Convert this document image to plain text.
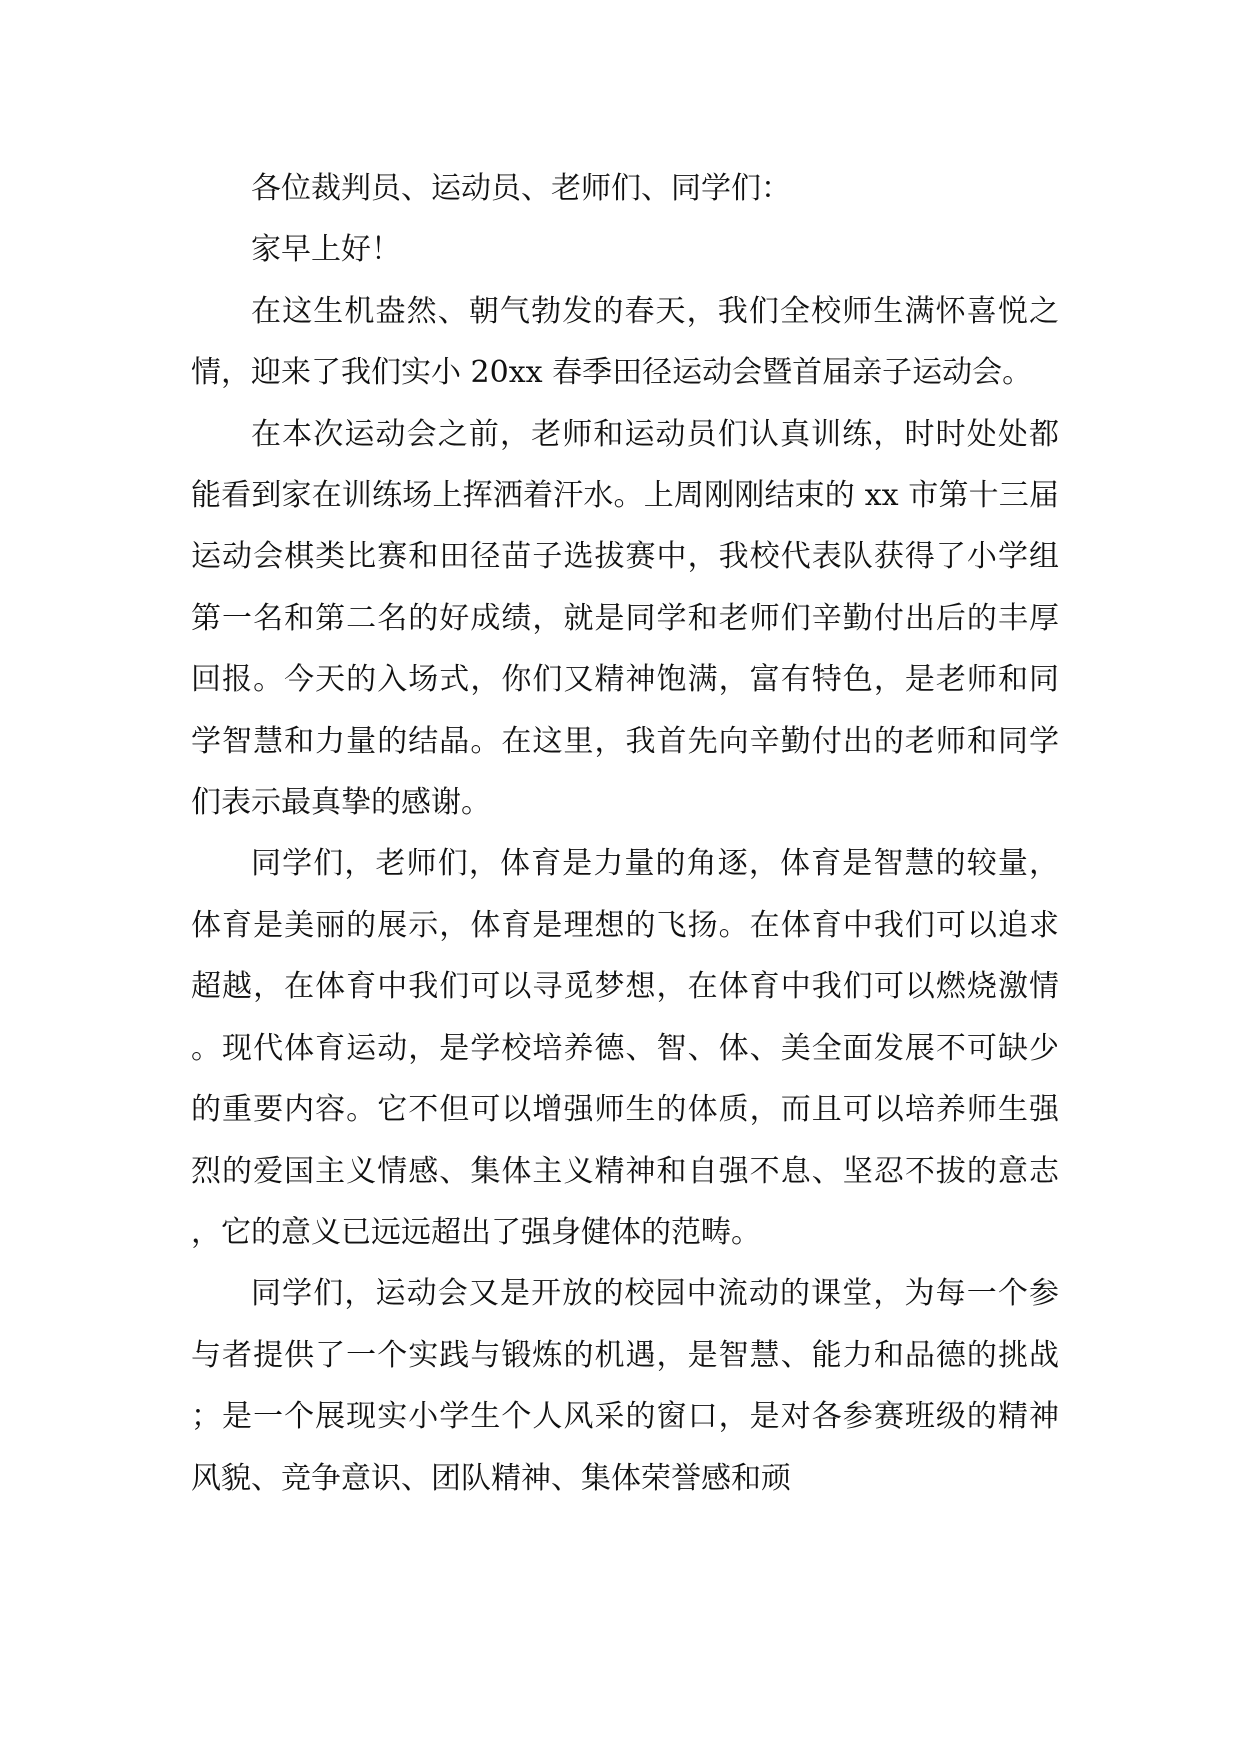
各位裁判员、运动员、老师们、同学们：

家早上好！

在这生机盎然、朝气勃发的春天，我们全校师生满怀喜悦之情，迎来了我们实小 20xx 春季田径运动会暨首届亲子运动会。

在本次运动会之前，老师和运动员们认真训练，时时处处都能看到家在训练场上挥洒着汗水。上周刚刚结束的 xx 市第十三届运动会棋类比赛和田径苗子选拔赛中，我校代表队获得了小学组第一名和第二名的好成绩，就是同学和老师们辛勤付出后的丰厚回报。今天的入场式，你们又精神饱满，富有特色，是老师和同学智慧和力量的结晶。在这里，我首先向辛勤付出的老师和同学们表示最真挚的感谢。

同学们，老师们，体育是力量的角逐，体育是智慧的较量，体育是美丽的展示，体育是理想的飞扬。在体育中我们可以追求超越，在体育中我们可以寻觅梦想，在体育中我们可以燃烧激情。现代体育运动，是学校培养德、智、体、美全面发展不可缺少的重要内容。它不但可以增强师生的体质，而且可以培养师生强烈的爱国主义情感、集体主义精神和自强不息、坚忍不拔的意志，它的意义已远远超出了强身健体的范畴。

同学们，运动会又是开放的校园中流动的课堂，为每一个参与者提供了一个实践与锻炼的机遇，是智慧、能力和品德的挑战；是一个展现实小学生个人风采的窗口，是对各参赛班级的精神风貌、竞争意识、团队精神、集体荣誉感和顽
